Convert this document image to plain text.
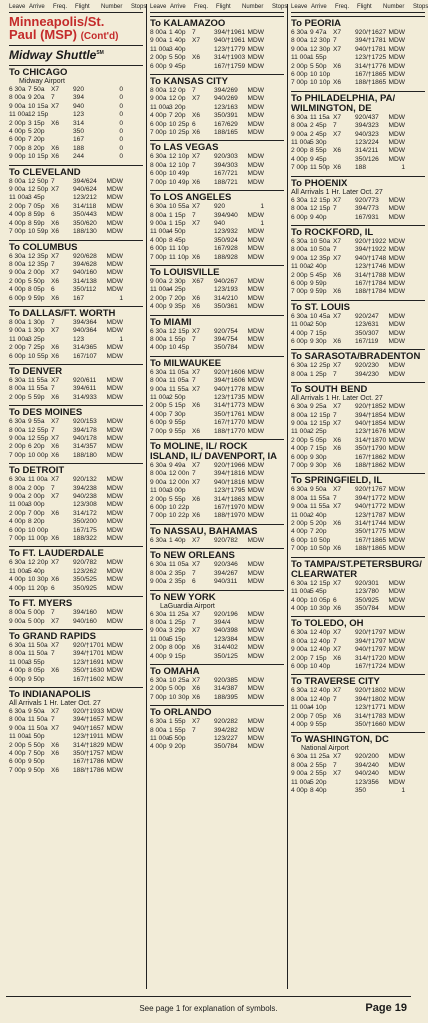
Leave Arrive	Freq.	Flight	Number	Stops
Minneapolis/St.
Paul (MSP) (Cont'd)
Midway Shuttle℠
To CHICAGO
Midway Airport
6 30a 7 50a X7	920	0
8 00a 9 20a 7	394	0
9 00a 10 15a X7	940	0
11 00a 12 15p	123	0
2 00p 3 15p X6	314	0
4 00p 5 20p	350	0
6 00p 7 20p	167	0
7 00p 8 20p X6	188	0
9 00p 10 15p X6	244	0
To CLEVELAND
8 00a 12 50p 7	394/624	MDW
9 00a 12 50p X7	940/624	MDW
11 00a 3 45p	123/212	MDW
2 00p 7 05p X6	314/118	MDW
4 00p 8 59p 6	350/443	MDW
4 00p 8 59p X6	350/620	MDW
7 00p 10 59p X6	188/130	MDW
To COLUMBUS
6 30a 12 35p X7	920/628	MDW
8 00a 12 35p 7	394/628	MDW
9 00a 2 00p X7	940/160	MDW
2 00p 5 50p X6	314/138	MDW
4 00p 8 05p 6	350/112	MDW
6 00p 9 59p X6	167	1
To DALLAS/FT. WORTH
8 00a 1 30p 7	394/364	MDW
9 00a 1 30p X7	940/364	MDW
11 00a 3 25p	123	1
2 00p 7 25p X6	314/365	MDW
6 00p 10 55p X6	167/107	MDW
To DENVER
6 30a 11 55a X7	920/611	MDW
8 00a 11 55a 7	394/611	MDW
2 00p 5 59p X6	314/933	MDW
To DES MOINES
6 30a 9 55a X7	920/153	MDW
8 00a 12 55p 7	394/178	MDW
9 00a 12 55p X7	940/178	MDW
2 00p 6 20p X6	314/357	MDW
7 00p 10 00p X6	188/180	MDW
To DETROIT
6 30a 11 00a X7	920/132	MDW
8 00a 2 00p 7	394/238	MDW
9 00a 2 00p X7	940/238	MDW
11 00a 3 00p	123/308	MDW
2 00p 7 00p X6	314/172	MDW
4 00p 8 20p	350/200	MDW
6 00p 10 00p	167/175	MDW
7 00p 11 00p X6	188/322	MDW
To FT. LAUDERDALE
6 30a 12 20p X7	920/782	MDW
11 00a 5 40p	123/262	MDW
4 00p 10 30p X6	350/525	MDW
4 00p 11 20p 6	350/925	MDW
To FT. MYERS
8 00a 5 00p 7	394/160	MDW
9 00a 5 00p X7	940/160	MDW
To GRAND RAPIDS
6 30a 11 50a X7	920/†1701 MDW
8 00a 11 50a 7	394/†1701 MDW
11 00a 3 55p	123/†1691 MDW
4 00p 8 05p X6	350/†1630 MDW
6 00p 9 50p	167/†1602 MDW
To INDIANAPOLIS
All Arrivals 1 Hr. Later Oct. 27
6 30a 9 50a X7	920/†1933 MDW
8 00a 11 50a 7	394/†1657 MDW
9 00a 11 50a X7	940/†1657 MDW
11 00a 1 50p	123/†1911 MDW
2 00p 5 50p X6	314/†1829 MDW
4 00p 7 50p X6	350/†1757 MDW
6 00p 9 50p	167/†1786 MDW
7 00p 9 50p X6	188/†1786 MDW
Leave Arrive	Freq.	Flight	Number	Stops
To KALAMAZOO
8 00a 1 40p 7	394/†1961 MDW
9 00a 1 40p X7	940/†1961 MDW
11 00a 3 40p	123/†1779 MDW
2 00p 5 50p X6	314/†1903 MDW
6 00p 9 45p	167/†1759 MDW
To KANSAS CITY
8 00a 12 0p 7	394/269	MDW
9 00a 12 0p X7	940/269	MDW
11 00a 3 20p	123/163	MDW
4 00p 7 20p X6	350/391	MDW
6 00p 10 25p 6	167/629	MDW
7 00p 10 25p X6	188/165	MDW
To LAS VEGAS
6 30a 12 10p X7	920/303	MDW
8 00a 12 10p 7	394/303	MDW
6 00p 10 49p	167/721	MDW
7 00p 10 49p X6	188/721	MDW
To LOS ANGELES
6 30a 10 55a X7	920	1
8 00a 1 15p 7	394/940	MDW
9 00a 1 15p X7	940	1
11 00a 4 50p	123/932	MDW
4 00p 8 45p	350/924	MDW
6 00p 11 10p	167/928	MDW
7 00p 11 10p X6	188/928	MDW
To LOUISVILLE
9 00a 2 30p X67	940/267	MDW
11 00a 4 25p	123/193	MDW
2 00p 7 20p X6	314/210	MDW
4 00p 9 35p X6	350/361	MDW
To MIAMI
6 30a 12 15p X7	920/754	MDW
8 00a 1 55p 7	394/754	MDW
4 00p 10 45p	350/784	MDW
To MILWAUKEE
6 30a 11 05a X7	920/†1606 MDW
8 00a 11 05a 7	394/†1606 MDW
9 00a 11 55a X7	940/†1778 MDW
11 00a 2 50p	123/†1735 MDW
2 00p 5 15p X6	314/†1773 MDW
4 00p 7 30p	350/†1761 MDW
6 00p 9 55p	167/†1770 MDW
7 00p 9 55p X6	188/†1770 MDW
To MOLINE, IL/ ROCK ISLAND, IL/ DAVENPORT, IA
6 30a 9 49a X7	920/†1966 MDW
8 00a 12 00n 7	394/†1816 MDW
9 00a 12 00n X7	940/†1816 MDW
11 00a 3 00p	123/†1795 MDW
2 00p 5 55p X6	314/†1863 MDW
6 00p 10 22p	167/†1970 MDW
7 00p 10 22p X6	188/†1970 MDW
To NASSAU, BAHAMAS
6 30a 1 40p X7	920/782	MDW
To NEW ORLEANS
6 30a 11 05a X7	920/346	MDW
8 00a 2 35p 7	394/267	MDW
9 00a 2 35p 6	940/311	MDW
To NEW YORK
LaGuardia Airport
6 30a 11 25a X7	920/196	MDW
8 00a 1 25p 7	394/4	MDW
9 00a 3 29p X7	940/398	MDW
11 00a 5 15p	123/384	MDW
2 00p 8 00p X6	314/402	MDW
4 00p 9 15p	350/125	MDW
To OMAHA
6 30a 10 25a X7	920/385	MDW
2 00p 5 00p X6	314/387	MDW
7 00p 10 30p X6	188/395	MDW
To ORLANDO
6 30a 1 55p X7	920/282	MDW
8 00a 1 55p 7	394/282	MDW
11 00a 5 50p	123/227	MDW
4 00p 9 20p	350/784	MDW
Leave Arrive	Freq.	Flight	Number	Stops
To PEORIA
6 30a 9 47a X7	920/†1627 MDW
8 00a 12 30p 7	394/†1781 MDW
9 00a 12 30p X7	940/†1781 MDW
11 00a 1 55p	123/†1725 MDW
2 00p 5 50p X6	314/†1776 MDW
6 00p 10 10p	167/†1865 MDW
7 00p 10 10p X6	188/†1865 MDW
To PHILADELPHIA, PA/ WILMINGTON, DE
6 30a 11 15a X7	920/437	MDW
8 00a 2 45p 7	394/323	MDW
9 00a 2 45p X7	940/323	MDW
11 00a 5 30p	123/224	MDW
2 00p 8 55p X6	314/211	MDW
4 00p 9 45p	350/126	MDW
7 00p 11 50p X6	188	1
To PHOENIX
All Arrivals 1 Hr. Later Oct. 27
6 30a 12 15p X7	920/773	MDW
8 00a 12 15p 7	394/773	MDW
6 00p 9 40p	167/931	MDW
To ROCKFORD, IL
6 30a 10 50a X7	920/†1922 MDW
8 00a 10 50a 7	394/†1922 MDW
9 00a 12 35p X7	940/†1748 MDW
11 00a 2 40p	123/†1746 MDW
2 00p 5 45p X6	314/†1788 MDW
6 00p 9 59p	167/†1784 MDW
7 00p 9 59p X6	188/†1784 MDW
To ST. LOUIS
6 30a 10 45a X7	920/247	MDW
11 00a 2 50p	123/631	MDW
4 00p 7 15p	350/307	MDW
6 00p 9 30p X6	167/119	MDW
To SARASOTA/BRADENTON
6 30a 12 25p X7	920/230	MDW
8 00a 1 25p 7	394/230	MDW
To SOUTH BEND
All Arrivals 1 Hr. Later Oct. 27
6 30a 9 25a X7	920/†1852 MDW
8 00a 12 15p 7	394/†1854 MDW
9 00a 12 15p X7	940/†1854 MDW
11 00a 2 25p	123/†1676 MDW
2 00p 5 05p X6	314/†1870 MDW
4 00p 7 15p X6	350/†1790 MDW
6 00p 9 30p	167/†1862 MDW
7 00p 9 30p X6	188/†1862 MDW
To SPRINGFIELD, IL
6 30a 9 50a X7	920/†1767 MDW
8 00a 11 55a 7	394/†1772 MDW
9 00a 11 55a X7	940/†1772 MDW
11 00a 2 40p	123/†1787 MDW
2 00p 5 20p X6	314/†1744 MDW
4 00p 7 20p	350/†1775 MDW
6 00p 10 50p	167/†1865 MDW
7 00p 10 50p X6	188/†1865 MDW
To TAMPA/ST.PETERSBURG/ CLEARWATER
6 30a 12 15p X7	920/301	MDW
11 00a 5 45p	123/780	MDW
4 00p 10 05p 6	350/925	MDW
4 00p 10 30p X6	350/784	MDW
To TOLEDO, OH
6 30a 12 40p X7	920/†1797 MDW
8 00a 12 40p 7	394/†1797 MDW
9 00a 12 40p X7	940/†1797 MDW
2 00p 7 15p X6	314/†1720 MDW
6 00p 10 40p	167/†1724 MDW
To TRAVERSE CITY
6 30a 12 40p X7	920/†1802 MDW
8 00a 12 40p 7	394/†1802 MDW
11 00a 4 10p	123/†1771 MDW
2 00p 7 05p X6	314/†1783 MDW
4 00p 9 55p	350/†1660 MDW
To WASHINGTON, DC
National Airport
6 30a 11 25a X7	920/200	MDW
8 00a 2 55p 7	394/240	MDW
9 00a 2 55p X7	940/240	MDW
11 00a 5 20p	123/356	MDW
4 00p 8 40p	350	1
See page 1 for explanation of symbols.	Page 19
